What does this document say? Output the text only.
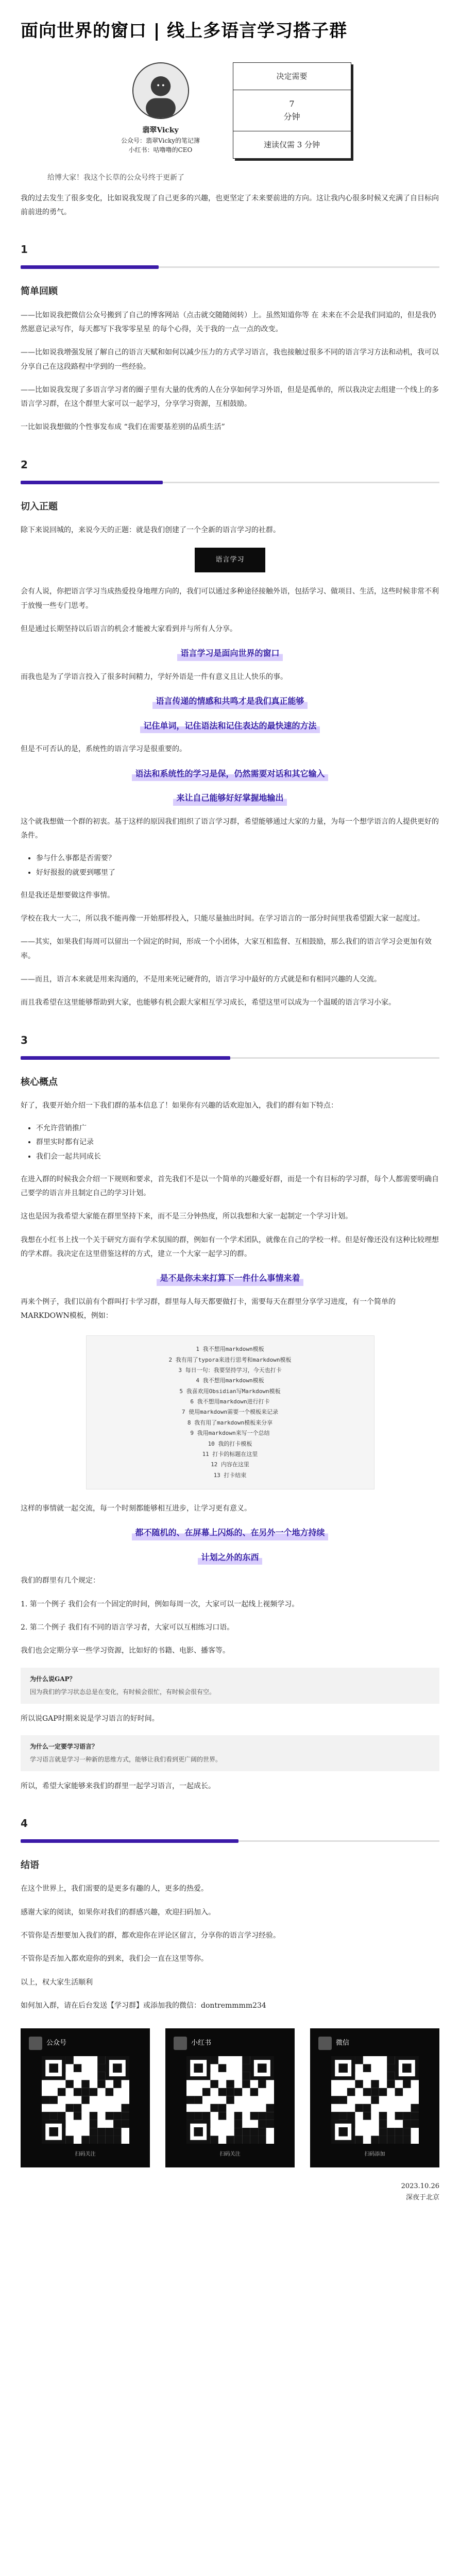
面向世界的窗口 | 线上多语言学习搭子群
翡翠Vicky
公众号：翡翠Vicky的笔记簿
小红书：咕噜噜的CEO
决定需要
7
分钟
速读仅需 3 分钟
给博大家！我这个长草的公众号终于更新了

我的过去发生了很多变化，比如说我发现了自己更多的兴趣，也更坚定了未来要前进的方向。这让我内心很多时候又充满了自目标向前前进的勇气。

1
简单回顾

——比如说我把微信公众号搬到了自己的博客网站（点击就交随随阅转）上。虽然知道你等 在 未来在不会是我们同追的，但是我仍然愿意记录写作，每天都写下我零零星星 的每个心得，关于我的一点一点的改变。

——比如说我增强发展了解自己的语言天赋和如何以减少压力的方式学习语言，我也接触过很多不同的语言学习方法和动机，我可以分享自己在这段路程中学到的一些经验。

——比如说我发现了多语言学习者的圈子里有大量的优秀的人在分享如何学习外语，但是是孤单的，所以我决定去组建一个线上的多语言学习群，在这个群里大家可以一起学习，分享学习资源，互相鼓励。

一比如说我想做的个性事发布成 “我们在需要基差别的品质生活”

2
切入正题

除下来说回城的，来说今天的正题：就是我们创建了一个全新的语言学习的社群。

语言学习

会有人说，你把语言学习当成热爱投身地理方向的，我们可以通过多种途径接触外语，包括学习、做项目、生活，这些时候非常不利于放慢一些专门思考。

但是通过长期坚持以后语言的机会才能被大家看到并与所有人分享。

语言学习是面向世界的窗口

而我也是为了学语言投入了很多时间精力，学好外语是一件有意义且让人快乐的事。

语言传递的情感和共鸣才是我们真正能够
记住单词，记住语法和记住表达的最快速的方法

但是不可否认的是，系统性的语言学习是很重要的。

语法和系统性的学习是保，仍然需要对话和其它输入
来让自己能够好好掌握地输出

这个就我想做一个群的初衷。基于这样的原因我们组织了语言学习群，希望能够通过大家的力量，为每一个想学语言的人提供更好的条件。

• 参与什么事都是否需要？
• 好好报报的就要到哪里了

但是我还是想要做这件事情。

学校在我大一大二，所以我不能再像一开始那样投入，只能尽量抽出时间。在学习语言的一部分时间里我希望跟大家一起度过。

——其实，如果我们每周可以留出一个固定的时间，形成一个小团体，大家互相监督、互相鼓励，那么我们的语言学习会更加有效率。

——而且，语言本来就是用来沟通的，不是用来死记硬背的，语言学习中最好的方式就是和有相同兴趣的人交流。

而且我希望在这里能够帮助到大家，也能够有机会跟大家相互学习成长，希望这里可以成为一个温暖的语言学习小家。

3
核心概点

好了，我要开始介绍一下我们群的基本信息了！如果你有兴趣的话欢迎加入，我们的群有如下特点：

• 不允许营销推广
• 群里实时都有记录
• 我们会一起共同成长

在进入群的时候我会介绍一下规则和要求，首先我们不是以一个简单的兴趣爱好群，而是一个有目标的学习群，每个人都需要明确自己要学的语言并且制定自己的学习计划。

这也是因为我希望大家能在群里坚持下来，而不是三分钟热度，所以我想和大家一起制定一个学习计划。

我想在小红书上找一个关于研究方面有学术氛围的群，例如有一个学术团队，就像在自己的学校一样。但是好像还没有这种比较理想的学术群。我决定在这里借鉴这样的方式，建立一个大家一起学习的群。

是不是你未来打算下一件什么事情来着

再来个例子，我们以前有个群叫打卡学习群，群里每人每天都要做打卡，需要每天在群里分享学习进度，有一个简单的MARKDOWN模板，例如：

1 我不想用markdown模板
2 我有用了typora来进行思考和markdown模板
3 每日一句：我要坚持学习，今天也打卡
4 我不想用markdown模板
5 我喜欢用Obsidian写Markdown模板
6 我不想用markdown进行打卡
7 使用markdown需要一个模板来记录
8 我有用了markdown模板来分享
9 我用markdown来写一个总结
10 我的打卡模板
11 打卡的标题在这里
12 内容在这里
13 打卡结束

这样的事情就一起交流，每一个时刻都能够相互进步，让学习更有意义。

都不随机的、在屏幕上闪烁的、在另外一个地方持续
计划之外的东西

我们的群里有几个规定：

1. 第一个例子 我们会有一个固定的时间，例如每周一次，大家可以一起线上视频学习。

2. 第二个例子 我们有不同的语言学习者，大家可以互相练习口语。

我们也会定期分享一些学习资源，比如好的书籍、电影、播客等。

为什么说GAP？
因为我们的学习状态总是在变化，有时候会很忙，有时候会很有空。

所以说GAP时期来说是学习语言的好时间。

为什么一定要学习语言？
学习语言就是学习一种新的思维方式，能够让我们看到更广阔的世界。

所以，希望大家能够来我们的群里一起学习语言，一起成长。

4
结语

在这个世界上，我们需要的是更多有趣的人，更多的热爱。

感谢大家的阅读，如果你对我们的群感兴趣，欢迎扫码加入。

不管你是否想要加入我们的群，都欢迎你在评论区留言，分享你的语言学习经验。

不管你是否加入都欢迎你的到来，我们会一直在这里等你。

以上，权大家生活顺利

如何加入群，请在后台发送【学习群】或添加我的微信：dontremmmm234

公众号
扫码关注
小红书
扫码关注
微信
扫码添加
2023.10.26
深夜于北京
